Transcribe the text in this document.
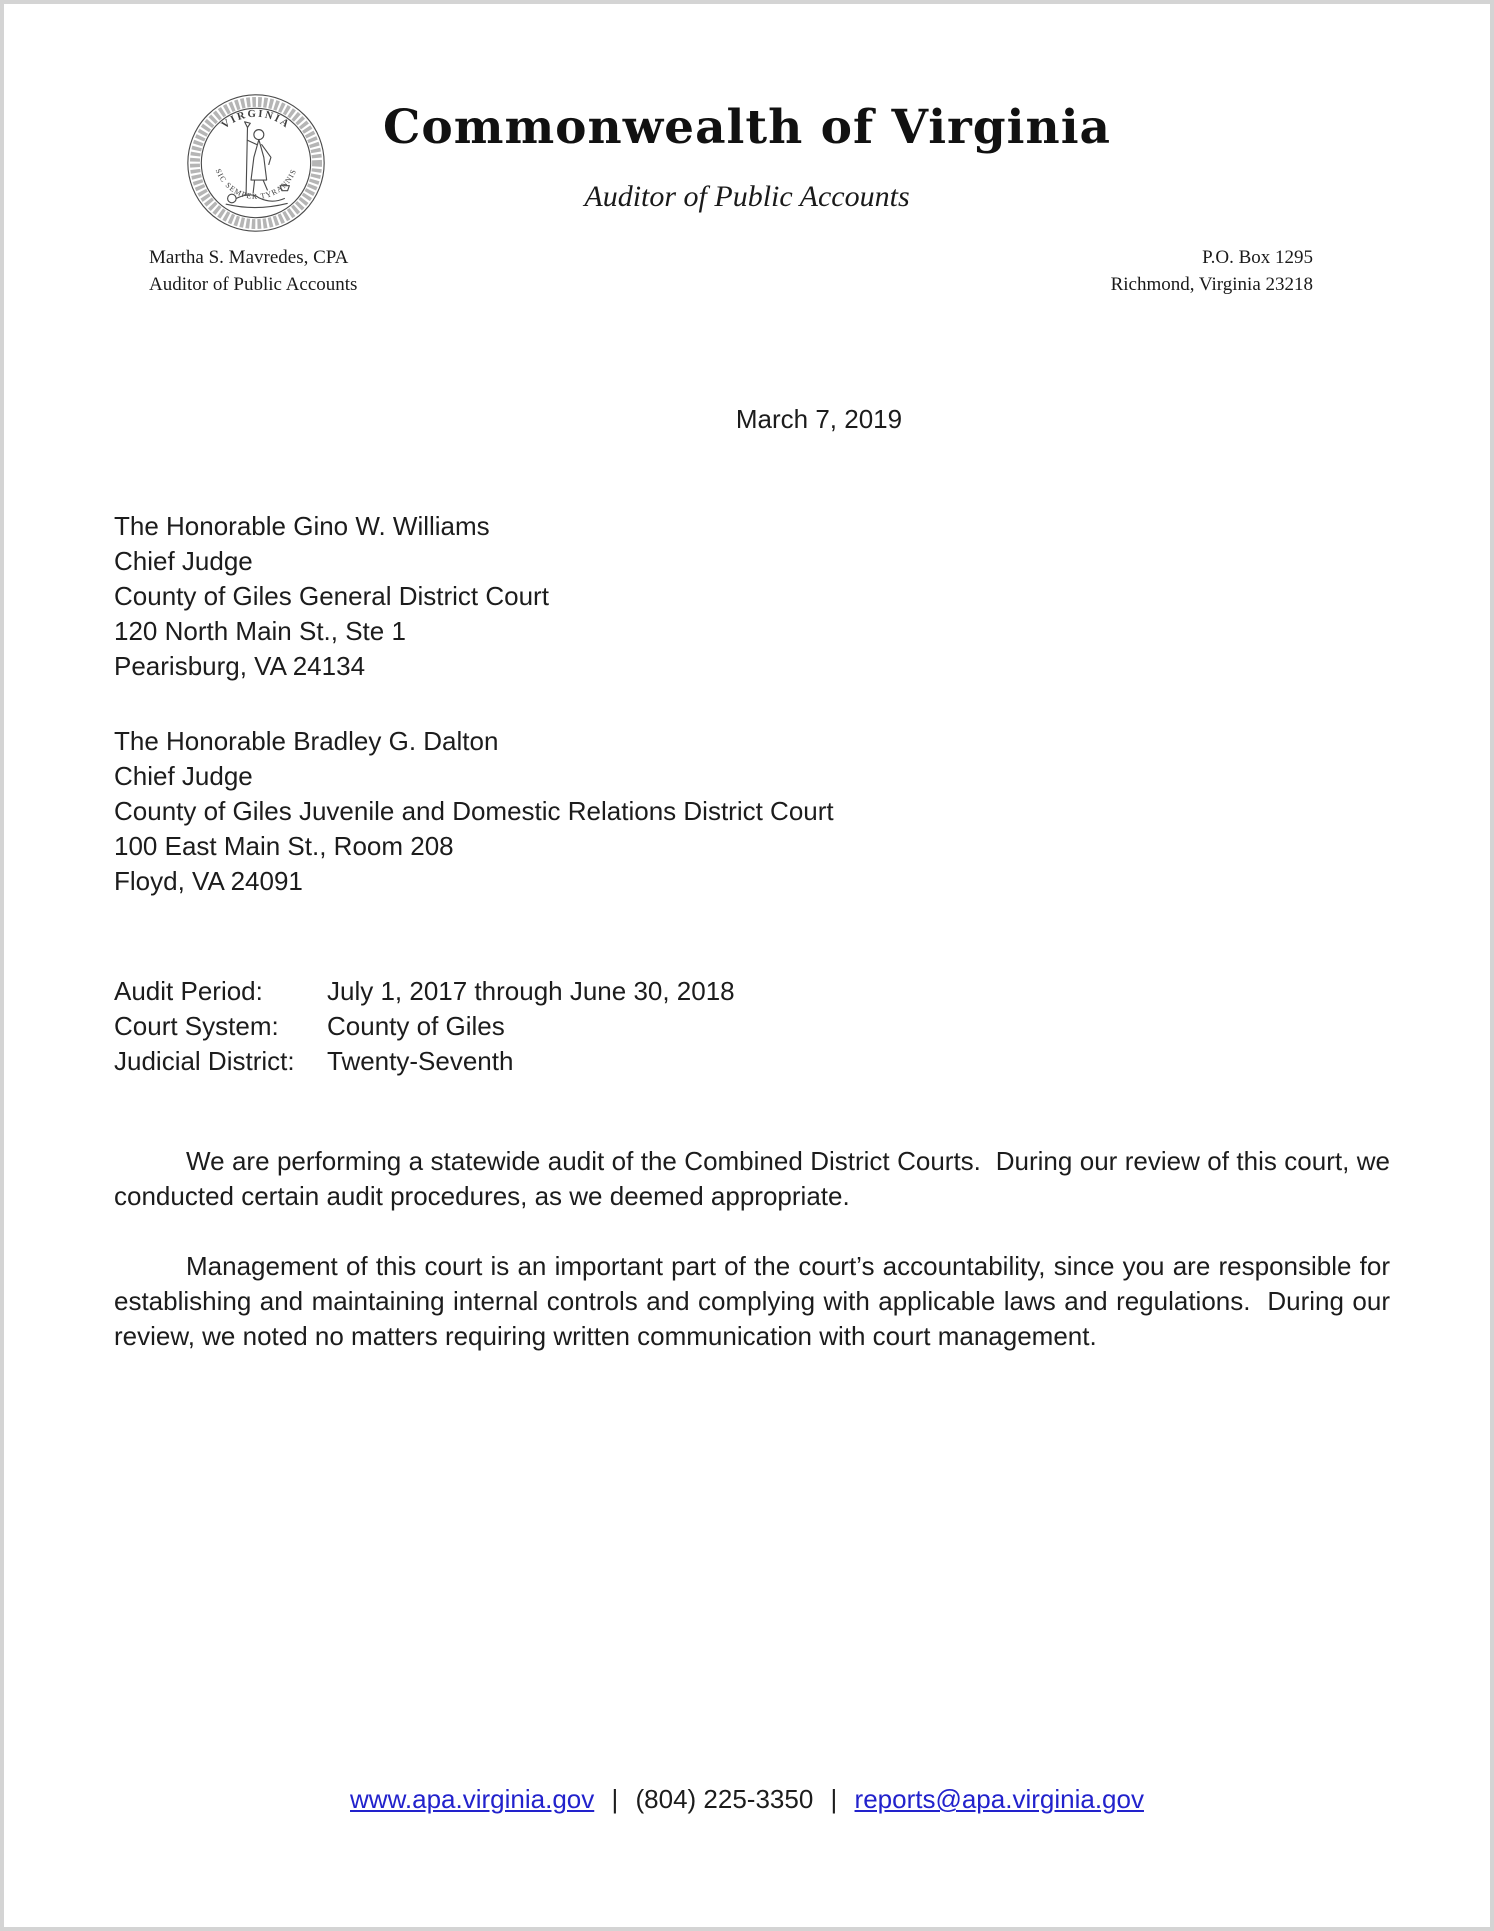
VIRGINIA
SIC SEMPER TYRANNIS
Commonwealth of Virginia
Auditor of Public Accounts
Martha S. Mavredes, CPA
Auditor of Public Accounts
P.O. Box 1295
Richmond, Virginia 23218
March 7, 2019
The Honorable Gino W. Williams
Chief Judge
County of Giles General District Court
120 North Main St., Ste 1
Pearisburg, VA 24134
The Honorable Bradley G. Dalton
Chief Judge
County of Giles Juvenile and Domestic Relations District Court
100 East Main St., Room 208
Floyd, VA 24091
Audit Period:	July 1, 2017 through June 30, 2018
Court System:	County of Giles
Judicial District:	Twenty-Seventh

We are performing a statewide audit of the Combined District Courts.  During our review of this court, we conducted certain audit procedures, as we deemed appropriate.

Management of this court is an important part of the court’s accountability, since you are responsible for establishing and maintaining internal controls and complying with applicable laws and regulations.  During our review, we noted no matters requiring written communication with court management.

www.apa.virginia.gov | (804) 225-3350 | reports@apa.virginia.gov
